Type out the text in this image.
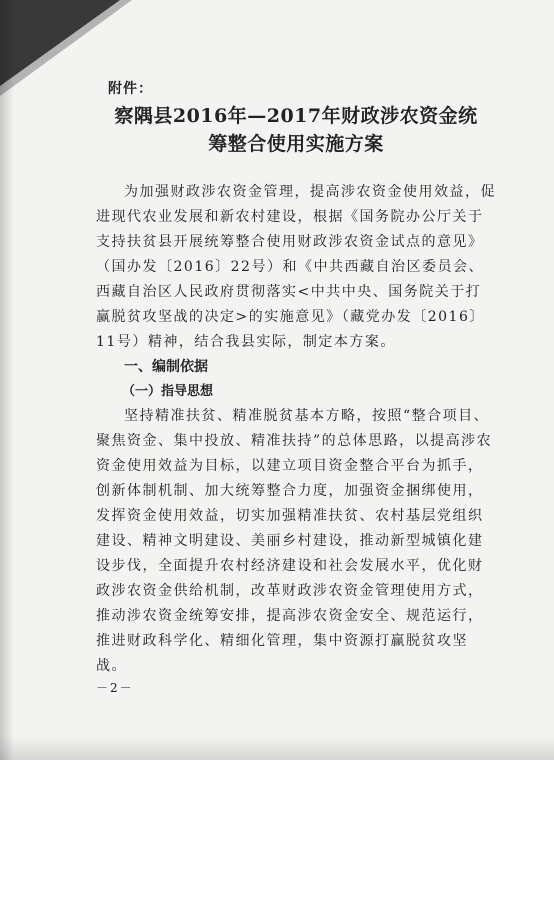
附件：
察隅县2016年—2017年财政涉农资金统
筹整合使用实施方案

为加强财政涉农资金管理，提高涉农资金使用效益，促进现代农业发展和新农村建设，根据《国务院办公厅关于支持扶贫县开展统筹整合使用财政涉农资金试点的意见》（国办发〔2016〕22号）和《中共西藏自治区委员会、西藏自治区人民政府贯彻落实<中共中央、国务院关于打赢脱贫攻坚战的决定>的实施意见》（藏党办发〔2016〕11号）精神，结合我县实际，制定本方案。

一、编制依据

（一）指导思想

坚持精准扶贫、精准脱贫基本方略，按照“整合项目、聚焦资金、集中投放、精准扶持”的总体思路，以提高涉农资金使用效益为目标，以建立项目资金整合平台为抓手，创新体制机制、加大统筹整合力度，加强资金捆绑使用，发挥资金使用效益，切实加强精准扶贫、农村基层党组织建设、精神文明建设、美丽乡村建设，推动新型城镇化建设步伐，全面提升农村经济建设和社会发展水平，优化财政涉农资金供给机制，改革财政涉农资金管理使用方式，推动涉农资金统筹安排，提高涉农资金安全、规范运行，推进财政科学化、精细化管理，集中资源打赢脱贫攻坚战。

－2－
